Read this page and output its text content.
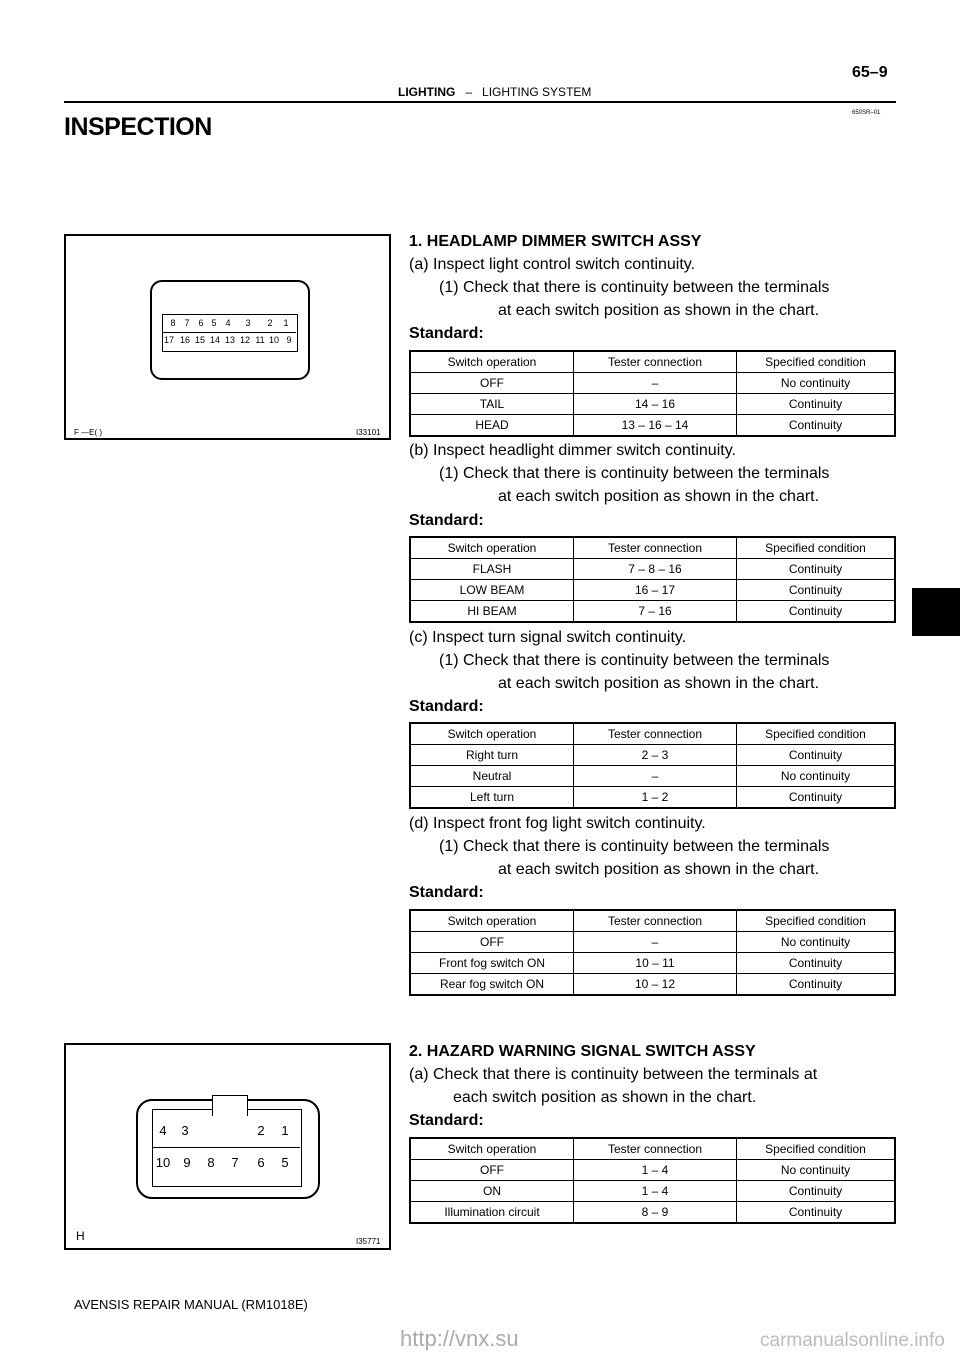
65–9
LIGHTING – LIGHTING SYSTEM
650SR–01
INSPECTION
8 7 6 5 4	3	2	1
17 16 15 14 13 12 11 10 9
F —E( )	I33101
4	3	2	1
10	9	8	7	6	5
H	I35771
1. HEADLAMP DIMMER SWITCH ASSY
(a) Inspect light control switch continuity.
(1) Check that there is continuity between the terminals
at each switch position as shown in the chart.
Standard:
Switch operation	Tester connection	Specified condition
OFF	–	No continuity
TAIL	14 – 16	Continuity
HEAD	13 – 16 – 14	Continuity
(b) Inspect headlight dimmer switch continuity.
(1) Check that there is continuity between the terminals
at each switch position as shown in the chart.
Standard:
Switch operation	Tester connection	Specified condition
FLASH	7 – 8 – 16	Continuity
LOW BEAM	16 – 17	Continuity
HI BEAM	7 – 16	Continuity
(c) Inspect turn signal switch continuity.
(1) Check that there is continuity between the terminals
at each switch position as shown in the chart.
Standard:
Switch operation	Tester connection	Specified condition
Right turn	2 – 3	Continuity
Neutral	–	No continuity
Left turn	1 – 2	Continuity
(d) Inspect front fog light switch continuity.
(1) Check that there is continuity between the terminals
at each switch position as shown in the chart.
Standard:
Switch operation	Tester connection	Specified condition
OFF	–	No continuity
Front fog switch ON	10 – 11	Continuity
Rear fog switch ON	10 – 12	Continuity
2. HAZARD WARNING SIGNAL SWITCH ASSY
(a) Check that there is continuity between the terminals at
each switch position as shown in the chart.
Standard:
Switch operation	Tester connection	Specified condition
OFF	1 – 4	No continuity
ON	1 – 4	Continuity
Illumination circuit	8 – 9	Continuity
AVENSIS REPAIR MANUAL (RM1018E)
http://vnx.su	carmanualsonline.info
